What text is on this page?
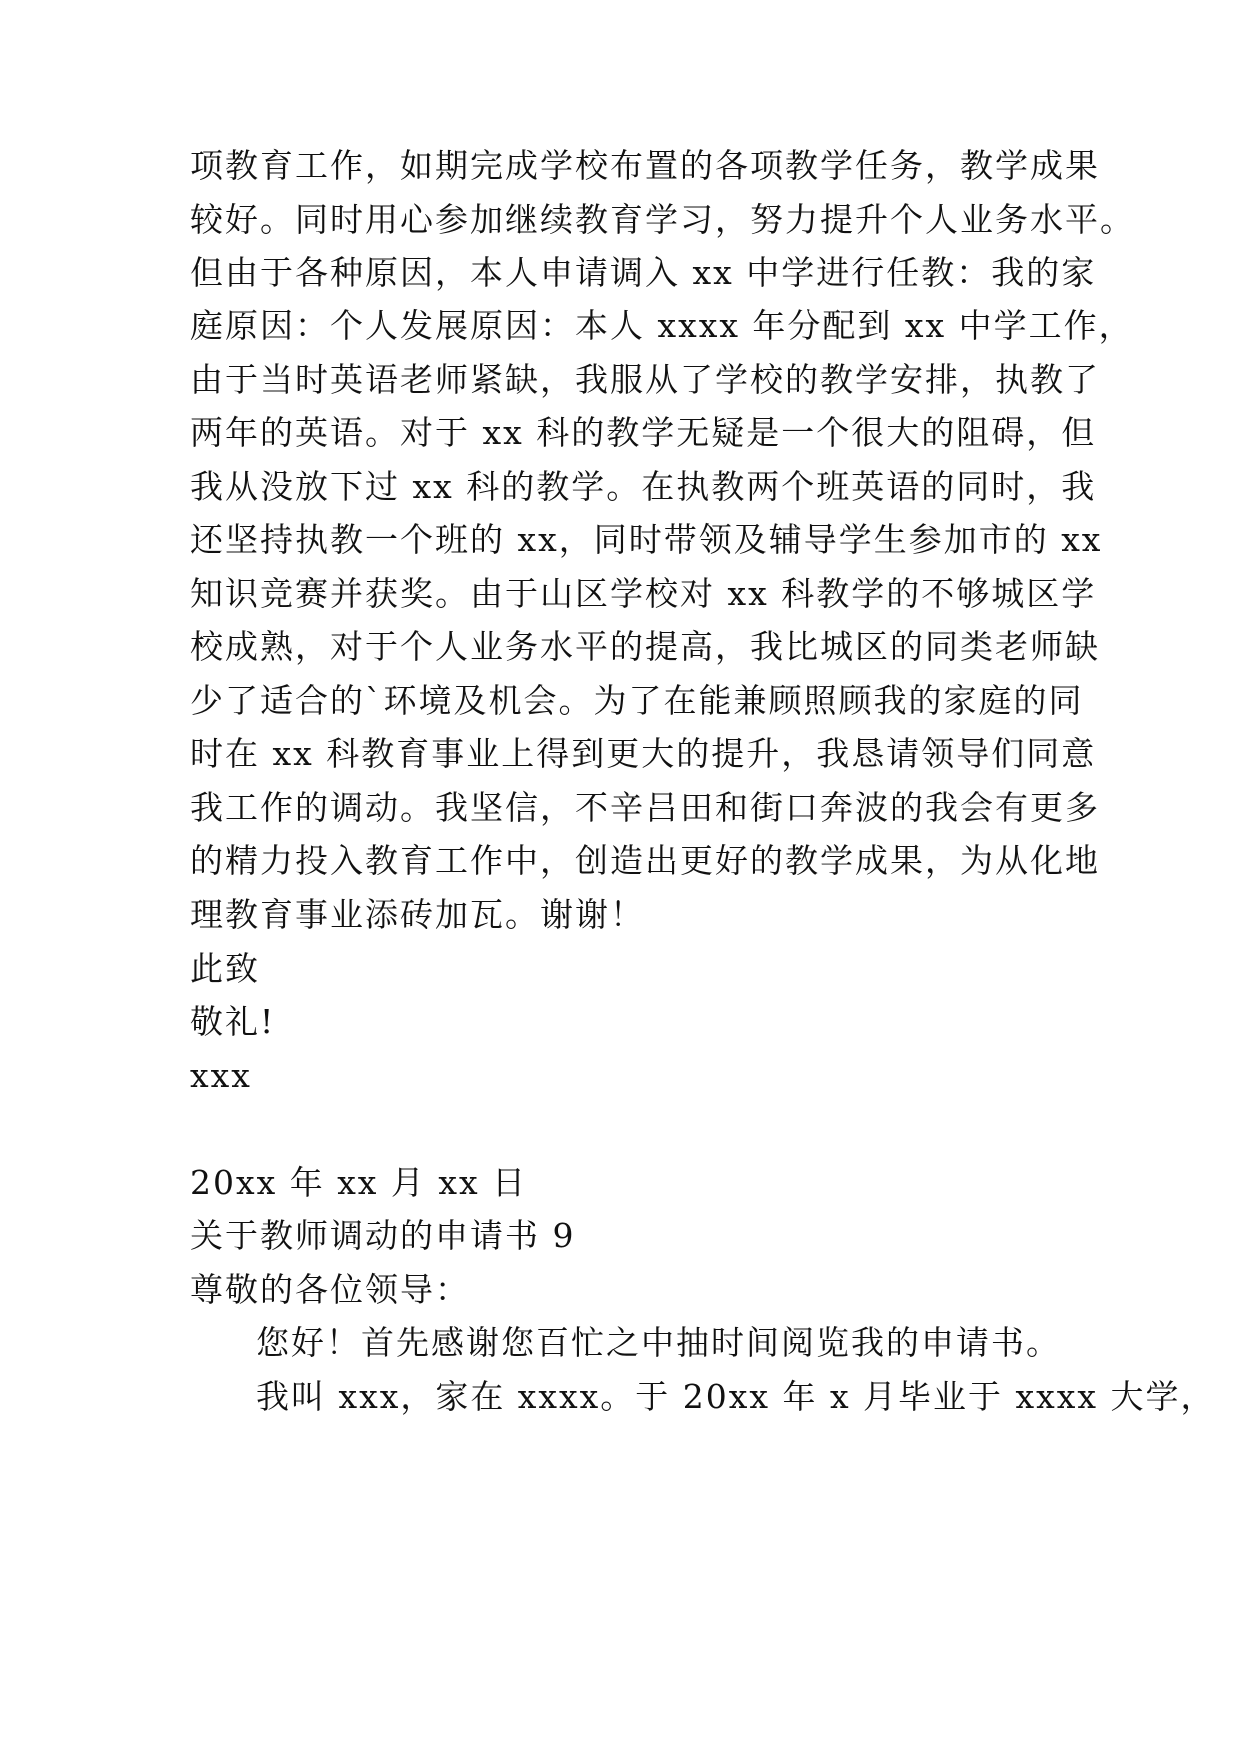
项教育工作，如期完成学校布置的各项教学任务，教学成果
较好。同时用心参加继续教育学习，努力提升个人业务水平。
但由于各种原因，本人申请调入 xx 中学进行任教：我的家
庭原因：个人发展原因：本人 xxxx 年分配到 xx 中学工作，
由于当时英语老师紧缺，我服从了学校的教学安排，执教了
两年的英语。对于 xx 科的教学无疑是一个很大的阻碍，但
我从没放下过 xx 科的教学。在执教两个班英语的同时，我
还坚持执教一个班的 xx，同时带领及辅导学生参加市的 xx
知识竞赛并获奖。由于山区学校对 xx 科教学的不够城区学
校成熟，对于个人业务水平的提高，我比城区的同类老师缺
少了适合的`环境及机会。为了在能兼顾照顾我的家庭的同
时在 xx 科教育事业上得到更大的提升，我恳请领导们同意
我工作的调动。我坚信，不辛吕田和街口奔波的我会有更多
的精力投入教育工作中，创造出更好的教学成果，为从化地
理教育事业添砖加瓦。谢谢！
此致
敬礼!
xxx
20xx 年 xx 月 xx 日
关于教师调动的申请书 9
尊敬的各位领导：
您好！首先感谢您百忙之中抽时间阅览我的申请书。
我叫 xxx，家在 xxxx。于 20xx 年 x 月毕业于 xxxx 大学，
